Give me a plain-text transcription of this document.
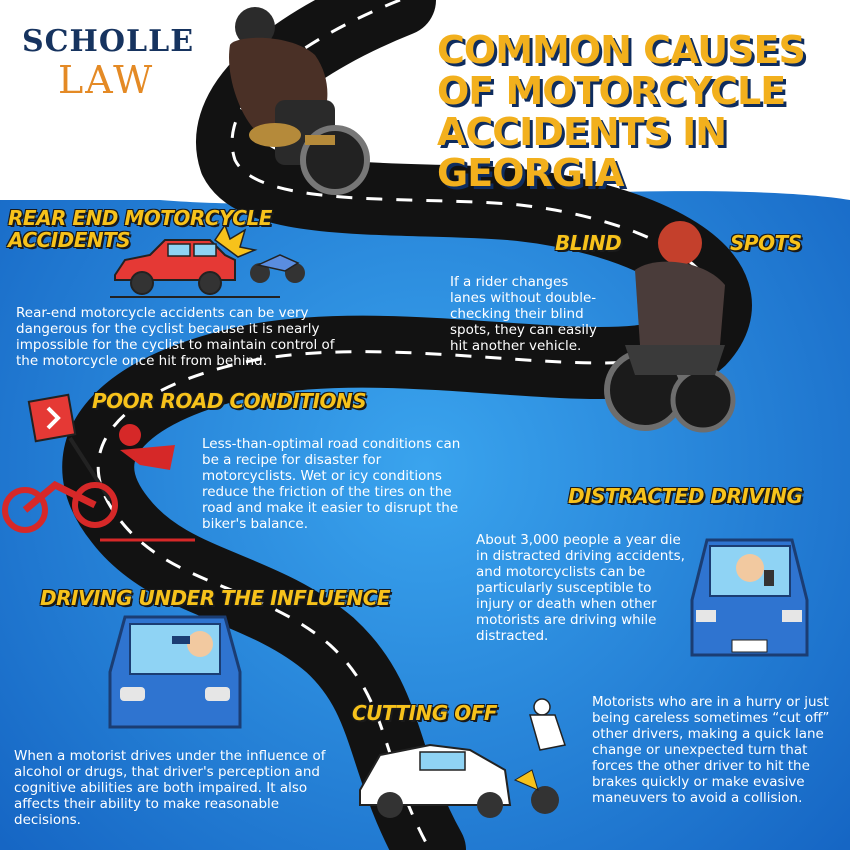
SCHOLLE
LAW
COMMON CAUSES
OF MOTORCYCLE
ACCIDENTS IN GEORGIA
REAR END MOTORCYCLE
ACCIDENTS
Rear-end motorcycle accidents can be very dangerous for the cyclist because it is nearly impossible for the cyclist to maintain control of the motorcycle once hit from behind.
BLIND	SPOTS
If a rider changes lanes without double-checking their blind spots, they can easily hit another vehicle.
POOR ROAD CONDITIONS
Less-than-optimal road conditions can be a recipe for disaster for motorcyclists. Wet or icy conditions reduce the friction of the tires on the road and make it easier to disrupt the biker's balance.
DISTRACTED DRIVING
About 3,000 people a year die in distracted driving accidents, and motorcyclists can be particularly susceptible to injury or death when other motorists are driving while distracted.
DRIVING UNDER THE INFLUENCE
When a motorist drives under the influence of alcohol or drugs, that driver's perception and cognitive abilities are both impaired. It also affects their ability to make reasonable decisions.
CUTTING OFF	Motorists who are in a hurry or just being careless sometimes “cut off” other drivers, making a quick lane change or unexpected turn that forces the other driver to hit the brakes quickly or make evasive maneuvers to avoid a collision.
